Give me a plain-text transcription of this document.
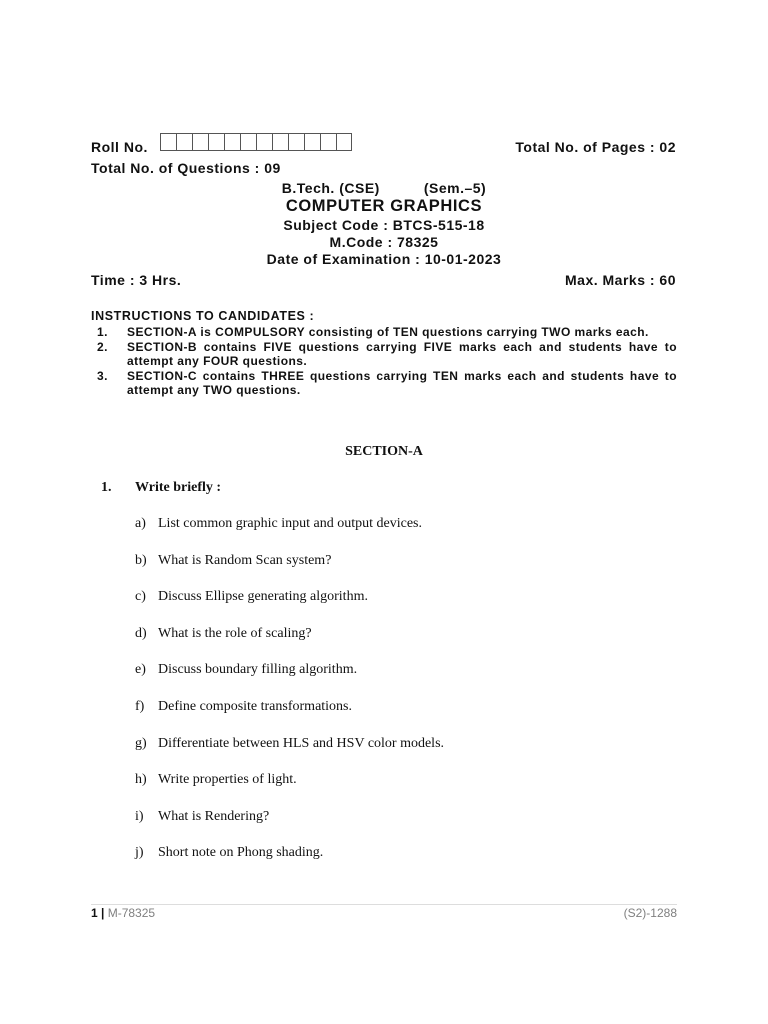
Roll No.	Total No. of Pages : 02
Total No. of Questions : 09
B.Tech. (CSE)	(Sem.–5)
COMPUTER GRAPHICS
Subject Code : BTCS-515-18
M.Code : 78325
Date of Examination : 10-01-2023
Time : 3 Hrs.	Max. Marks : 60
INSTRUCTIONS TO CANDIDATES :
1.	SECTION-A is COMPULSORY consisting of TEN questions carrying TWO marks each.
2.	SECTION-B contains FIVE questions carrying FIVE marks each and students have to attempt any FOUR questions.
3.	SECTION-C contains THREE questions carrying TEN marks each and students have to attempt any TWO questions.
SECTION-A
1. Write briefly :
a) List common graphic input and output devices.
b) What is Random Scan system?
c) Discuss Ellipse generating algorithm.
d) What is the role of scaling?
e) Discuss boundary filling algorithm.
f) Define composite transformations.
g) Differentiate between HLS and HSV color models.
h) Write properties of light.
i)	What is Rendering?
j)	Short note on Phong shading.
1 | M-78325	(S2)-1288
